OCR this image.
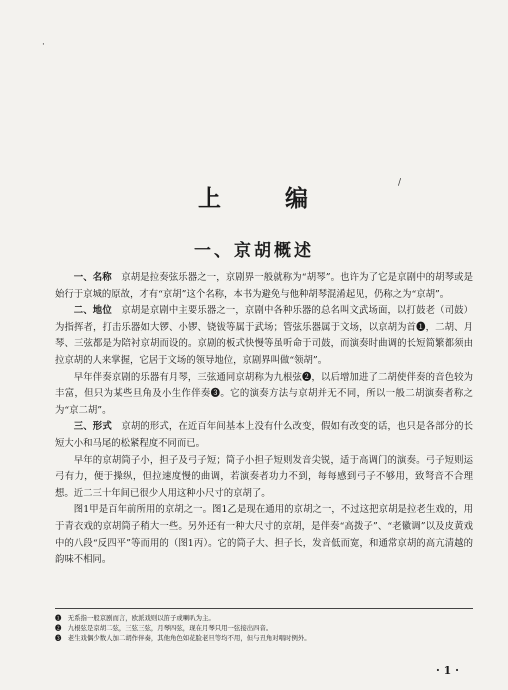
·
/
上	编
一、京胡概述

一、名称　京胡是拉奏弦乐器之一，京剧界一般就称为“胡琴”。也许为了它是京剧中的胡琴或是始行于京城的原故，才有“京胡”这个名称，本书为避免与他种胡琴混淆起见，仍称之为“京胡”。

二、地位　京胡是京剧中主要乐器之一，京剧中各种乐器的总名叫文武场面，以打鼓老（司鼓）为指挥者，打击乐器如大锣、小锣、铙钹等属于武场；管弦乐器属于文场，以京胡为首❶，二胡、月琴、三弦都是为陪衬京胡而设的。京剧的板式快慢等虽听命于司鼓，而演奏时曲调的长短简繁都须由拉京胡的人来掌握，它居于文场的领导地位，京剧界叫做“领胡”。

早年伴奏京剧的乐器有月琴，三弦通同京胡称为九根弦❷，以后增加进了二胡使伴奏的音色较为丰富，但只为某些旦角及小生作伴奏❸。它的演奏方法与京胡并无不同，所以一般二胡演奏者称之为“京二胡”。

三、形式　京胡的形式，在近百年间基本上没有什么改变，假如有改变的话，也只是各部分的长短大小和马尾的松紧程度不同而已。

早年的京胡筒子小，担子及弓子短；筒子小担子短则发音尖锐，适于高调门的演奏。弓子短则运弓有力，便于操纵，但拉速度慢的曲调，若演奏者功力不到，每每感到弓子不够用，致弩音不合理想。近二三十年间已很少人用这种小尺寸的京胡了。

图1甲是百年前所用的京胡之一。图1乙是现在通用的京胡之一，不过这把京胡是拉老生戏的，用于青衣戏的京胡筒子稍大一些。另外还有一种大尺寸的京胡，是伴奏“高拨子”、“老徽调”以及皮黄戏中的八段“反四平”等而用的（图1丙）。它的筒子大、担子长，发音低而宽，和通常京胡的高亢清越的韵味不相同。

❶　无系指一般京剧而言，欧派戏则以笛子或喇叭为主。
❷　九根弦是京胡二弦，三弦三弦，月琴四弦，现在月琴只用一弦接出四音。
❸　老生戏偶少数人加二胡作伴奏，其他角色如花脸老旦等均不用，但与丑角对唱时例外。
· 1 ·
